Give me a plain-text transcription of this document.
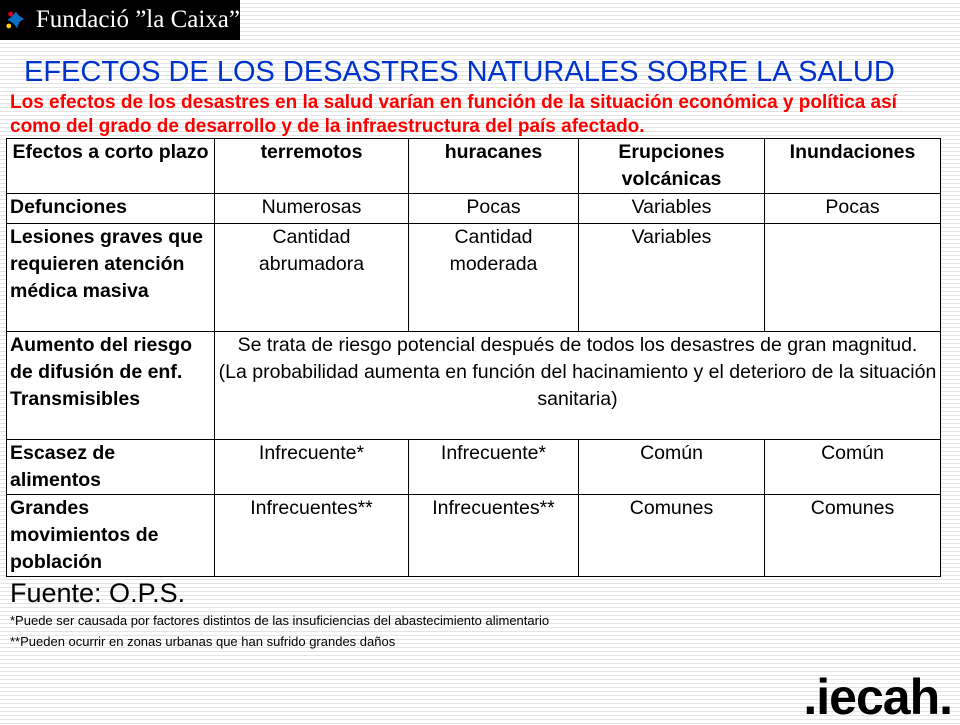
Fundació ”la Caixa”
EFECTOS DE LOS DESASTRES NATURALES SOBRE LA SALUD
Los efectos de los desastres en la salud varían en función de la situación económica y política así como del grado de desarrollo y de la infraestructura del país afectado.
Efectos a corto plazo	terremotos	huracanes	Erupciones volcánicas	Inundaciones
Defunciones	Numerosas	Pocas	Variables	Pocas
Lesiones graves que requieren atención médica masiva	Cantidad abrumadora	Cantidad moderada	Variables	
Aumento del riesgo de difusión de enf. Transmisibles	Se trata de riesgo potencial después de todos los desastres de gran magnitud.
(La probabilidad aumenta en función del hacinamiento y el deterioro de la situación sanitaria)			

Escasez de alimentos	Infrecuente*	Infrecuente*	Común	Común
Grandes movimientos de población	Infrecuentes**	Infrecuentes**	Comunes	Comunes
Fuente: O.P.S.
*Puede ser causada por factores distintos de las insuficiencias del abastecimiento alimentario
**Pueden ocurrir en zonas urbanas que han sufrido grandes daños
.iecah.
